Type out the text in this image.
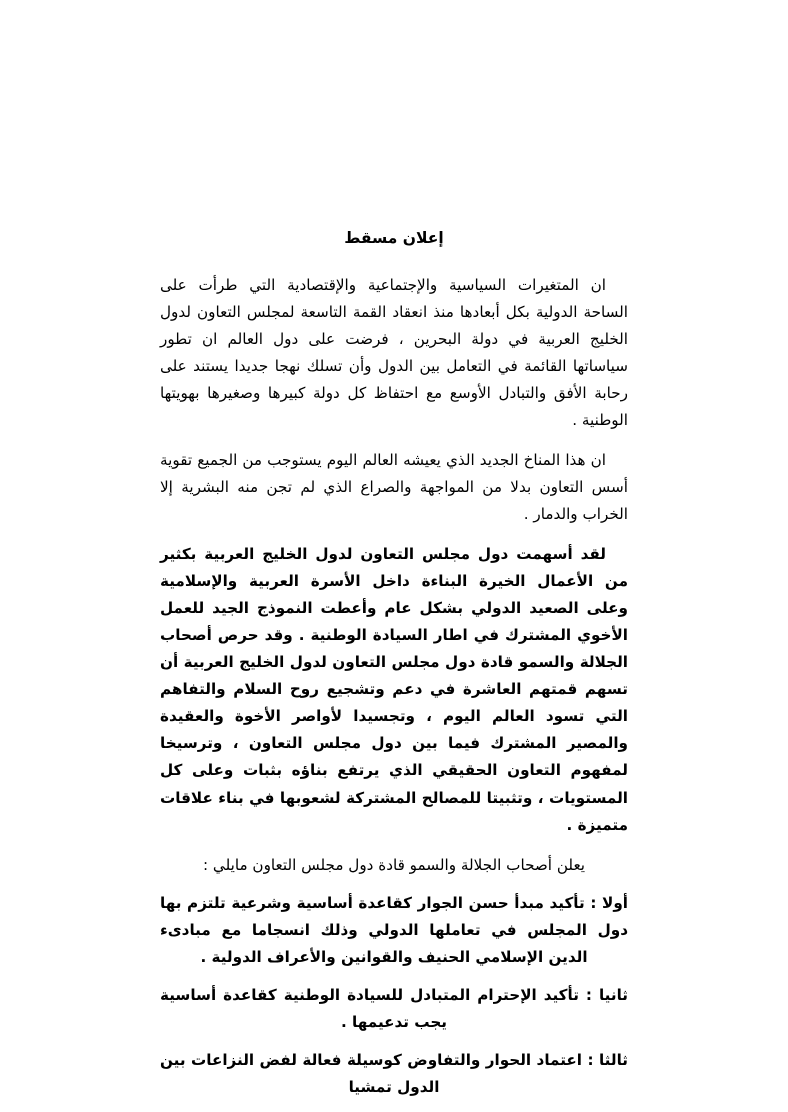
إعلان مسقط

ان المتغيرات السياسية والإجتماعية والإقتصادية التي طرأت على الساحة الدولية بكل أبعادها منذ انعقاد القمة التاسعة لمجلس التعاون لدول الخليج العربية في دولة البحرين ، فرضت على دول العالم ان تطور سياساتها القائمة في التعامل بين الدول وأن تسلك نهجا جديدا يستند على رحابة الأفق والتبادل الأوسع مع احتفاظ كل دولة كبيرها وصغيرها بهويتها الوطنية .

ان هذا المناخ الجديد الذي يعيشه العالم اليوم يستوجب من الجميع تقوية أسس التعاون بدلا من المواجهة والصراع الذي لم تجن منه البشرية إلا الخراب والدمار .

لقد أسهمت دول مجلس التعاون لدول الخليج العربية بكثير من الأعمال الخيرة البناءة داخل الأسرة العربية والإسلامية وعلى الصعيد الدولي بشكل عام وأعطت النموذج الجيد للعمل الأخوي المشترك في اطار السيادة الوطنية . وقد حرص أصحاب الجلالة والسمو قادة دول مجلس التعاون لدول الخليج العربية أن تسهم قمتهم العاشرة في دعم وتشجيع روح السلام والتفاهم التي تسود العالم اليوم ، وتجسيدا لأواصر الأخوة والعقيدة والمصير المشترك فيما بين دول مجلس التعاون ، وترسيخا لمفهوم التعاون الحقيقي الذي يرتفع بناؤه بثبات وعلى كل المستويات ، وتثبيتا للمصالح المشتركة لشعوبها في بناء علاقات متميزة .

يعلن أصحاب الجلالة والسمو قادة دول مجلس التعاون مايلي :

أولا : تأكيد مبدأ حسن الجوار كقاعدة أساسية وشرعية تلتزم بها دول المجلس في تعاملها الدولي وذلك انسجاما مع مبادىء الدين الإسلامي الحنيف والقوانين والأعراف الدولية .

ثانيا : تأكيد الإحترام المتبادل للسيادة الوطنية كقاعدة أساسية يجب تدعيمها .

ثالثا : اعتماد الحوار والتفاوض كوسيلة فعالة لفض النزاعات بين الدول تمشيا
